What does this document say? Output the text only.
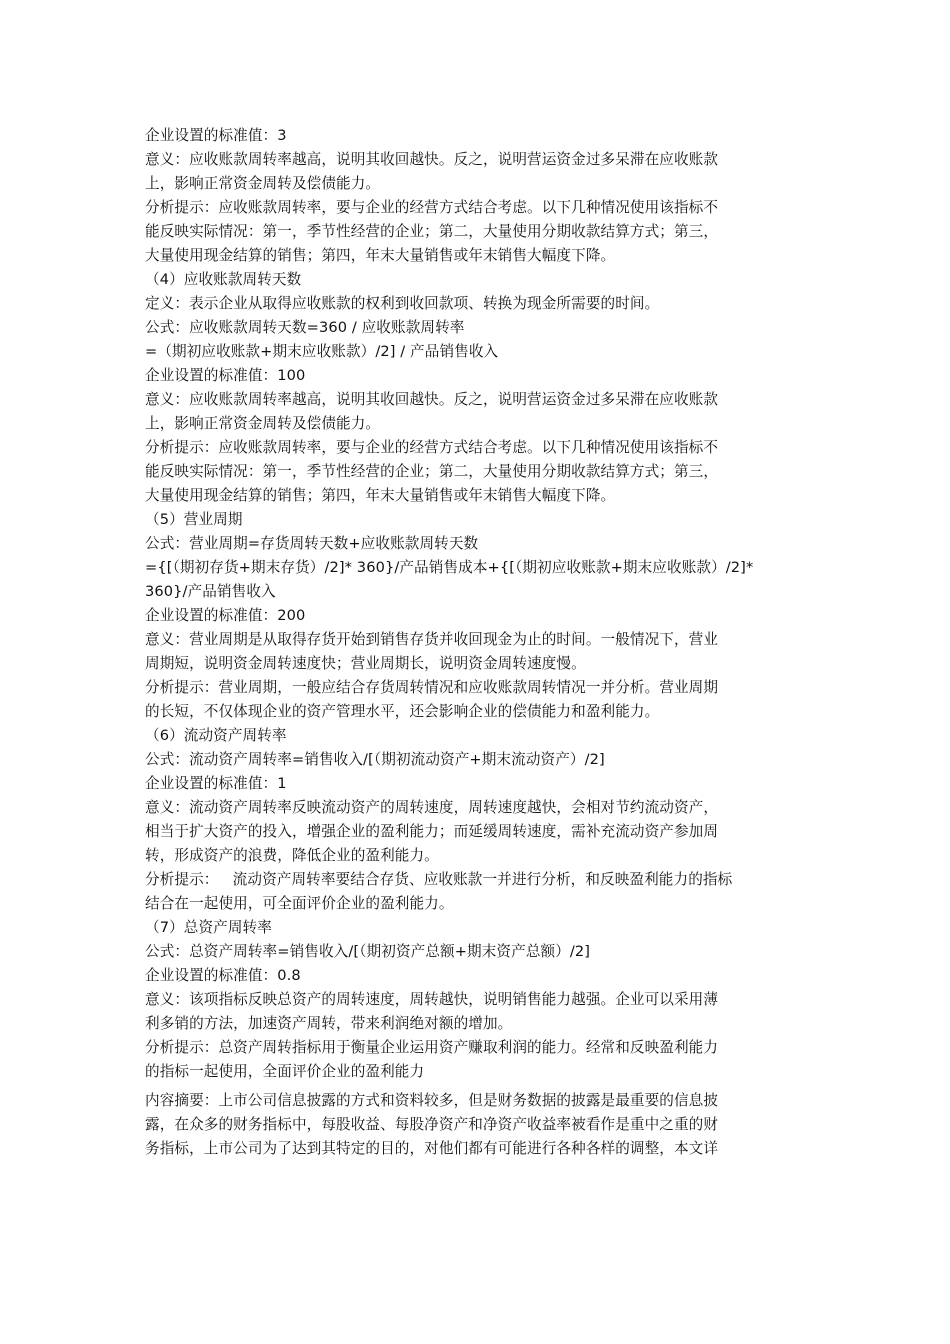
企业设置的标准值：3
意义：应收账款周转率越高，说明其收回越快。反之，说明营运资金过多呆滞在应收账款
上，影响正常资金周转及偿债能力。
分析提示：应收账款周转率，要与企业的经营方式结合考虑。以下几种情况使用该指标不
能反映实际情况：第一，季节性经营的企业；第二，大量使用分期收款结算方式；第三，
大量使用现金结算的销售；第四，年末大量销售或年末销售大幅度下降。
（4）应收账款周转天数
定义：表示企业从取得应收账款的权利到收回款项、转换为现金所需要的时间。
公式：应收账款周转天数=360 / 应收账款周转率
=（期初应收账款+期末应收账款）/2] / 产品销售收入
企业设置的标准值：100
意义：应收账款周转率越高，说明其收回越快。反之，说明营运资金过多呆滞在应收账款
上，影响正常资金周转及偿债能力。
分析提示：应收账款周转率，要与企业的经营方式结合考虑。以下几种情况使用该指标不
能反映实际情况：第一，季节性经营的企业；第二，大量使用分期收款结算方式；第三，
大量使用现金结算的销售；第四，年末大量销售或年末销售大幅度下降。
（5）营业周期
公式：营业周期=存货周转天数+应收账款周转天数
={[（期初存货+期末存货）/2]* 360}/产品销售成本+{[（期初应收账款+期末应收账款）/2]*
360}/产品销售收入
企业设置的标准值：200
意义：营业周期是从取得存货开始到销售存货并收回现金为止的时间。一般情况下，营业
周期短，说明资金周转速度快；营业周期长，说明资金周转速度慢。
分析提示：营业周期，一般应结合存货周转情况和应收账款周转情况一并分析。营业周期
的长短，不仅体现企业的资产管理水平，还会影响企业的偿债能力和盈利能力。
（6）流动资产周转率
公式：流动资产周转率=销售收入/[（期初流动资产+期末流动资产）/2]
企业设置的标准值：1
意义：流动资产周转率反映流动资产的周转速度，周转速度越快，会相对节约流动资产，
相当于扩大资产的投入，增强企业的盈利能力；而延缓周转速度，需补充流动资产参加周
转，形成资产的浪费，降低企业的盈利能力。
分析提示：   流动资产周转率要结合存货、应收账款一并进行分析，和反映盈利能力的指标
结合在一起使用，可全面评价企业的盈利能力。
（7）总资产周转率
公式：总资产周转率=销售收入/[（期初资产总额+期末资产总额）/2]
企业设置的标准值：0.8
意义：该项指标反映总资产的周转速度，周转越快，说明销售能力越强。企业可以采用薄
利多销的方法，加速资产周转，带来利润绝对额的增加。
分析提示：总资产周转指标用于衡量企业运用资产赚取利润的能力。经常和反映盈利能力
的指标一起使用，全面评价企业的盈利能力
内容摘要：上市公司信息披露的方式和资料较多，但是财务数据的披露是最重要的信息披
露，在众多的财务指标中，每股收益、每股净资产和净资产收益率被看作是重中之重的财
务指标，上市公司为了达到其特定的目的，对他们都有可能进行各种各样的调整，本文详
